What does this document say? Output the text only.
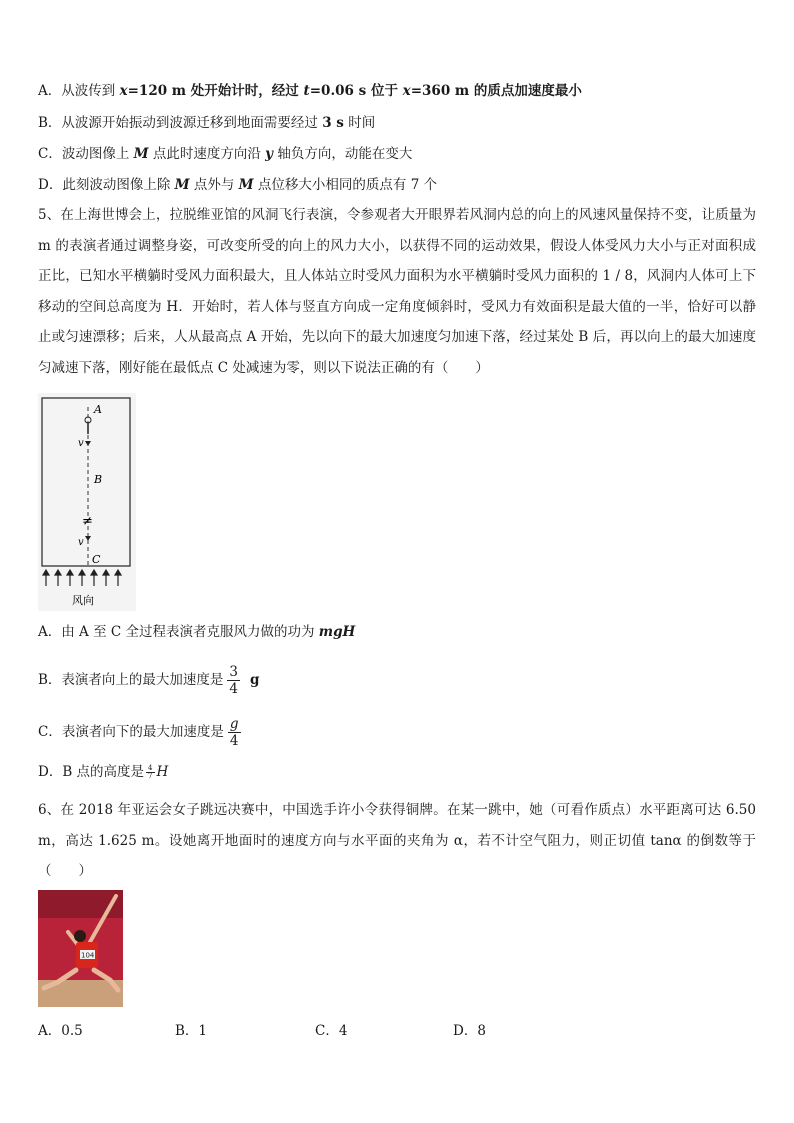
A．从波传到 x=120 m 处开始计时，经过 t=0.06 s 位于 x=360 m 的质点加速度最小
B．从波源开始振动到波源迁移到地面需要经过 3 s 时间
C．波动图像上 M 点此时速度方向沿 y 轴负方向，动能在变大
D．此刻波动图像上除 M 点外与 M 点位移大小相同的质点有 7 个
5、在上海世博会上，拉脱维亚馆的风洞飞行表演，令参观者大开眼界若风洞内总的向上的风速风量保持不变，让质量为m 的表演者通过调整身姿，可改变所受的向上的风力大小，以获得不同的运动效果，假设人体受风力大小与正对面积成正比，已知水平横躺时受风力面积最大，且人体站立时受风力面积为水平横躺时受风力面积的 1 / 8，风洞内人体可上下移动的空间总高度为 H．开始时，若人体与竖直方向成一定角度倾斜时，受风力有效面积是最大值的一半，恰好可以静止或匀速漂移；后来，人从最高点 A 开始，先以向下的最大加速度匀加速下落，经过某处 B 后，再以向上的最大加速度匀减速下落，刚好能在最低点 C 处减速为零，则以下说法正确的有（　　）
A
v
B
≠
v
C
风向
A．由 A 至 C 全过程表演者克服风力做的功为 mgH
B．表演者向上的最大加速度是 $\frac{3}{4}$ g
C．表演者向下的最大加速度是 $\frac{g}{4}$
D．B 点的高度是 $\frac{4}{7}$ H
6、在 2018 年亚运会女子跳远决赛中，中国选手许小令获得铜牌。在某一跳中，她（可看作质点）水平距离可达 6.50 m，高达 1.625 m。设她离开地面时的速度方向与水平面的夹角为 α，若不计空气阻力，则正切值 tanα 的倒数等于（　　）
104
A．0.5	B．1	C．4	D．8
